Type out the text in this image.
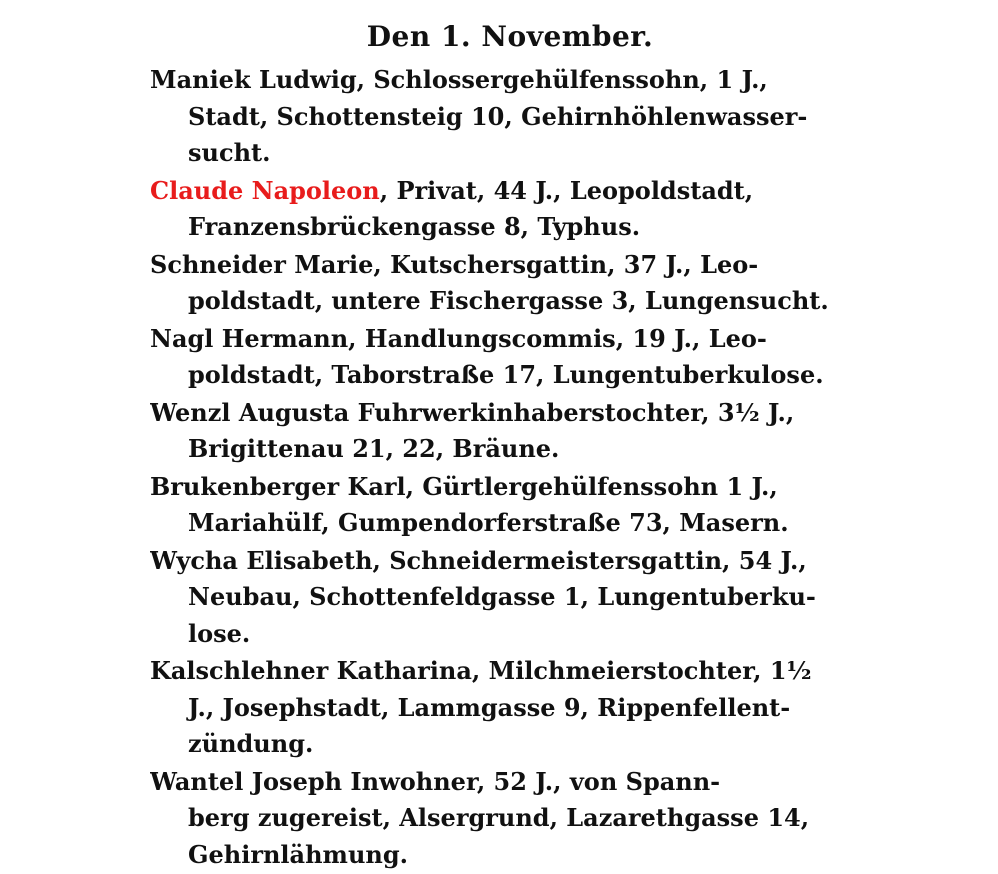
Den 1. November.
Maniek Ludwig, Schlossergehülfenssohn, 1 J.,
Stadt, Schottensteig 10, Gehirnhöhlenwasser-
sucht.
Claude Napoleon, Privat, 44 J., Leopoldstadt,
Franzensbrückengasse 8, Typhus.
Schneider Marie, Kutschersgattin, 37 J., Leo-
poldstadt, untere Fischergasse 3, Lungensucht.
Nagl Hermann, Handlungscommis, 19 J., Leo-
poldstadt, Taborstraße 17, Lungentuberkulose.
Wenzl Augusta Fuhrwerkinhaberstochter, 3½ J.,
Brigittenau 21, 22, Bräune.
Brukenberger Karl, Gürtlergehülfenssohn 1 J.,
Mariahülf, Gumpendorferstraße 73, Masern.
Wycha Elisabeth, Schneidermeistersgattin, 54 J.,
Neubau, Schottenfeldgasse 1, Lungentuberku-
lose.
Kalschlehner Katharina, Milchmeierstochter, 1½
J., Josephstadt, Lammgasse 9, Rippenfellent-
zündung.
Wantel Joseph Inwohner, 52 J., von Spann-
berg zugereist, Alsergrund, Lazarethgasse 14,
Gehirnlähmung.
